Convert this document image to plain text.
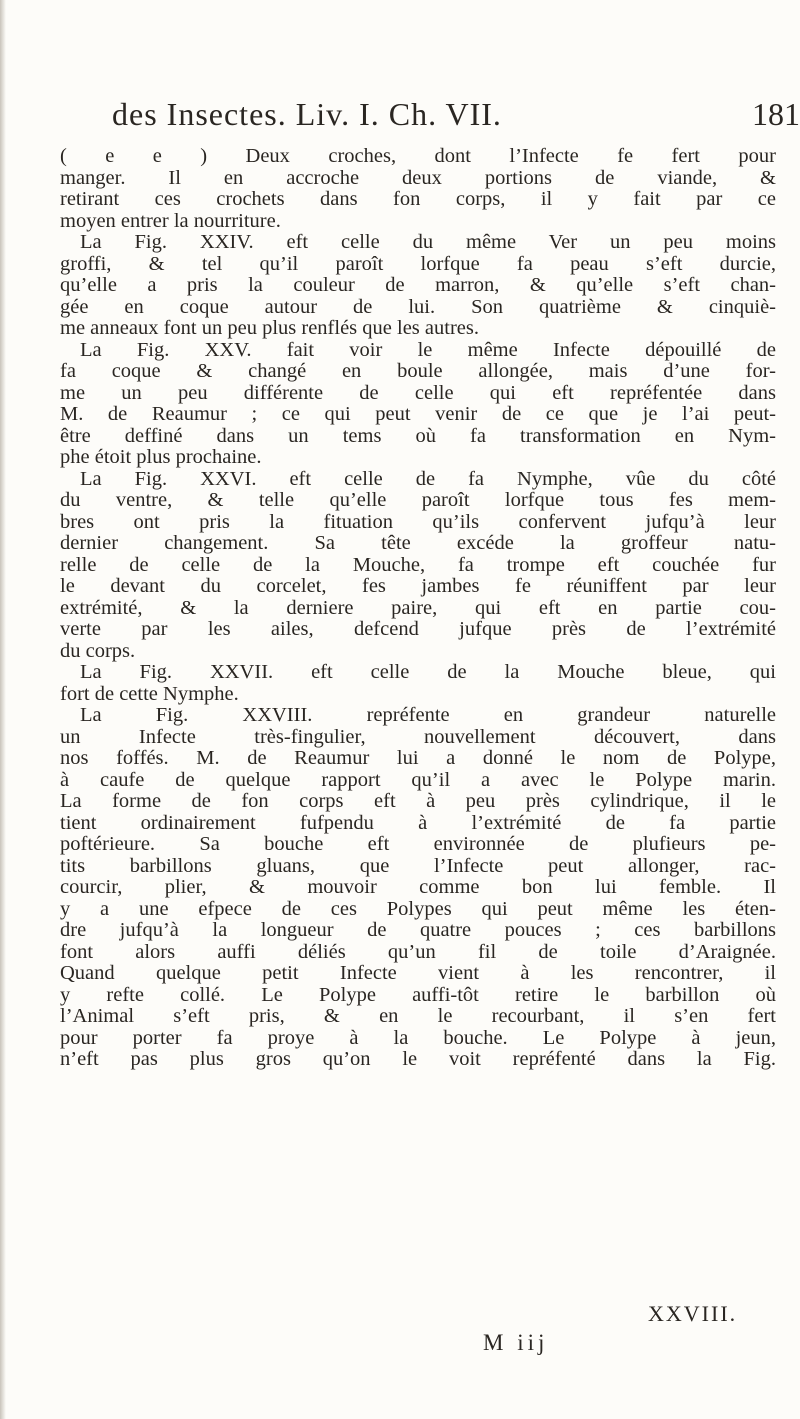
des Insectes. Liv. I. Ch. VII.	181
( e e ) Deux croches, dont l’Infecte fe fert pour
manger. Il en accroche deux portions de viande, &
retirant ces crochets dans fon corps, il y fait par ce
moyen entrer la nourriture.
La Fig. XXIV. eft celle du même Ver un peu moins
groffi, & tel qu’il paroît lorfque fa peau s’eft durcie,
qu’elle a pris la couleur de marron, & qu’elle s’eft chan-
gée en coque autour de lui. Son quatrième & cinquiè-
me anneaux font un peu plus renflés que les autres.
La Fig. XXV. fait voir le même Infecte dépouillé de
fa coque & changé en boule allongée, mais d’une for-
me un peu différente de celle qui eft repréfentée dans
M. de Reaumur ; ce qui peut venir de ce que je l’ai peut-
être deffiné dans un tems où fa transformation en Nym-
phe étoit plus prochaine.
La Fig. XXVI. eft celle de fa Nymphe, vûe du côté
du ventre, & telle qu’elle paroît lorfque tous fes mem-
bres ont pris la fituation qu’ils confervent jufqu’à leur
dernier changement. Sa tête excéde la groffeur natu-
relle de celle de la Mouche, fa trompe eft couchée fur
le devant du corcelet, fes jambes fe réuniffent par leur
extrémité, & la derniere paire, qui eft en partie cou-
verte par les ailes, defcend jufque près de l’extrémité
du corps.
La Fig. XXVII. eft celle de la Mouche bleue, qui
fort de cette Nymphe.
La Fig. XXVIII. repréfente en grandeur naturelle
un Infecte très-fingulier, nouvellement découvert, dans
nos foffés. M. de Reaumur lui a donné le nom de Polype,
à caufe de quelque rapport qu’il a avec le Polype marin.
La forme de fon corps eft à peu près cylindrique, il le
tient ordinairement fufpendu à l’extrémité de fa partie
poftérieure. Sa bouche eft environnée de plufieurs pe-
tits barbillons gluans, que l’Infecte peut allonger, rac-
courcir, plier, & mouvoir comme bon lui femble. Il
y a une efpece de ces Polypes qui peut même les éten-
dre jufqu’à la longueur de quatre pouces ; ces barbillons
font alors auffi déliés qu’un fil de toile d’Araignée.
Quand quelque petit Infecte vient à les rencontrer, il
y refte collé. Le Polype auffi-tôt retire le barbillon où
l’Animal s’eft pris, & en le recourbant, il s’en fert
pour porter fa proye à la bouche. Le Polype à jeun,
n’eft pas plus gros qu’on le voit repréfenté dans la Fig.
XXVIII.
M iij
